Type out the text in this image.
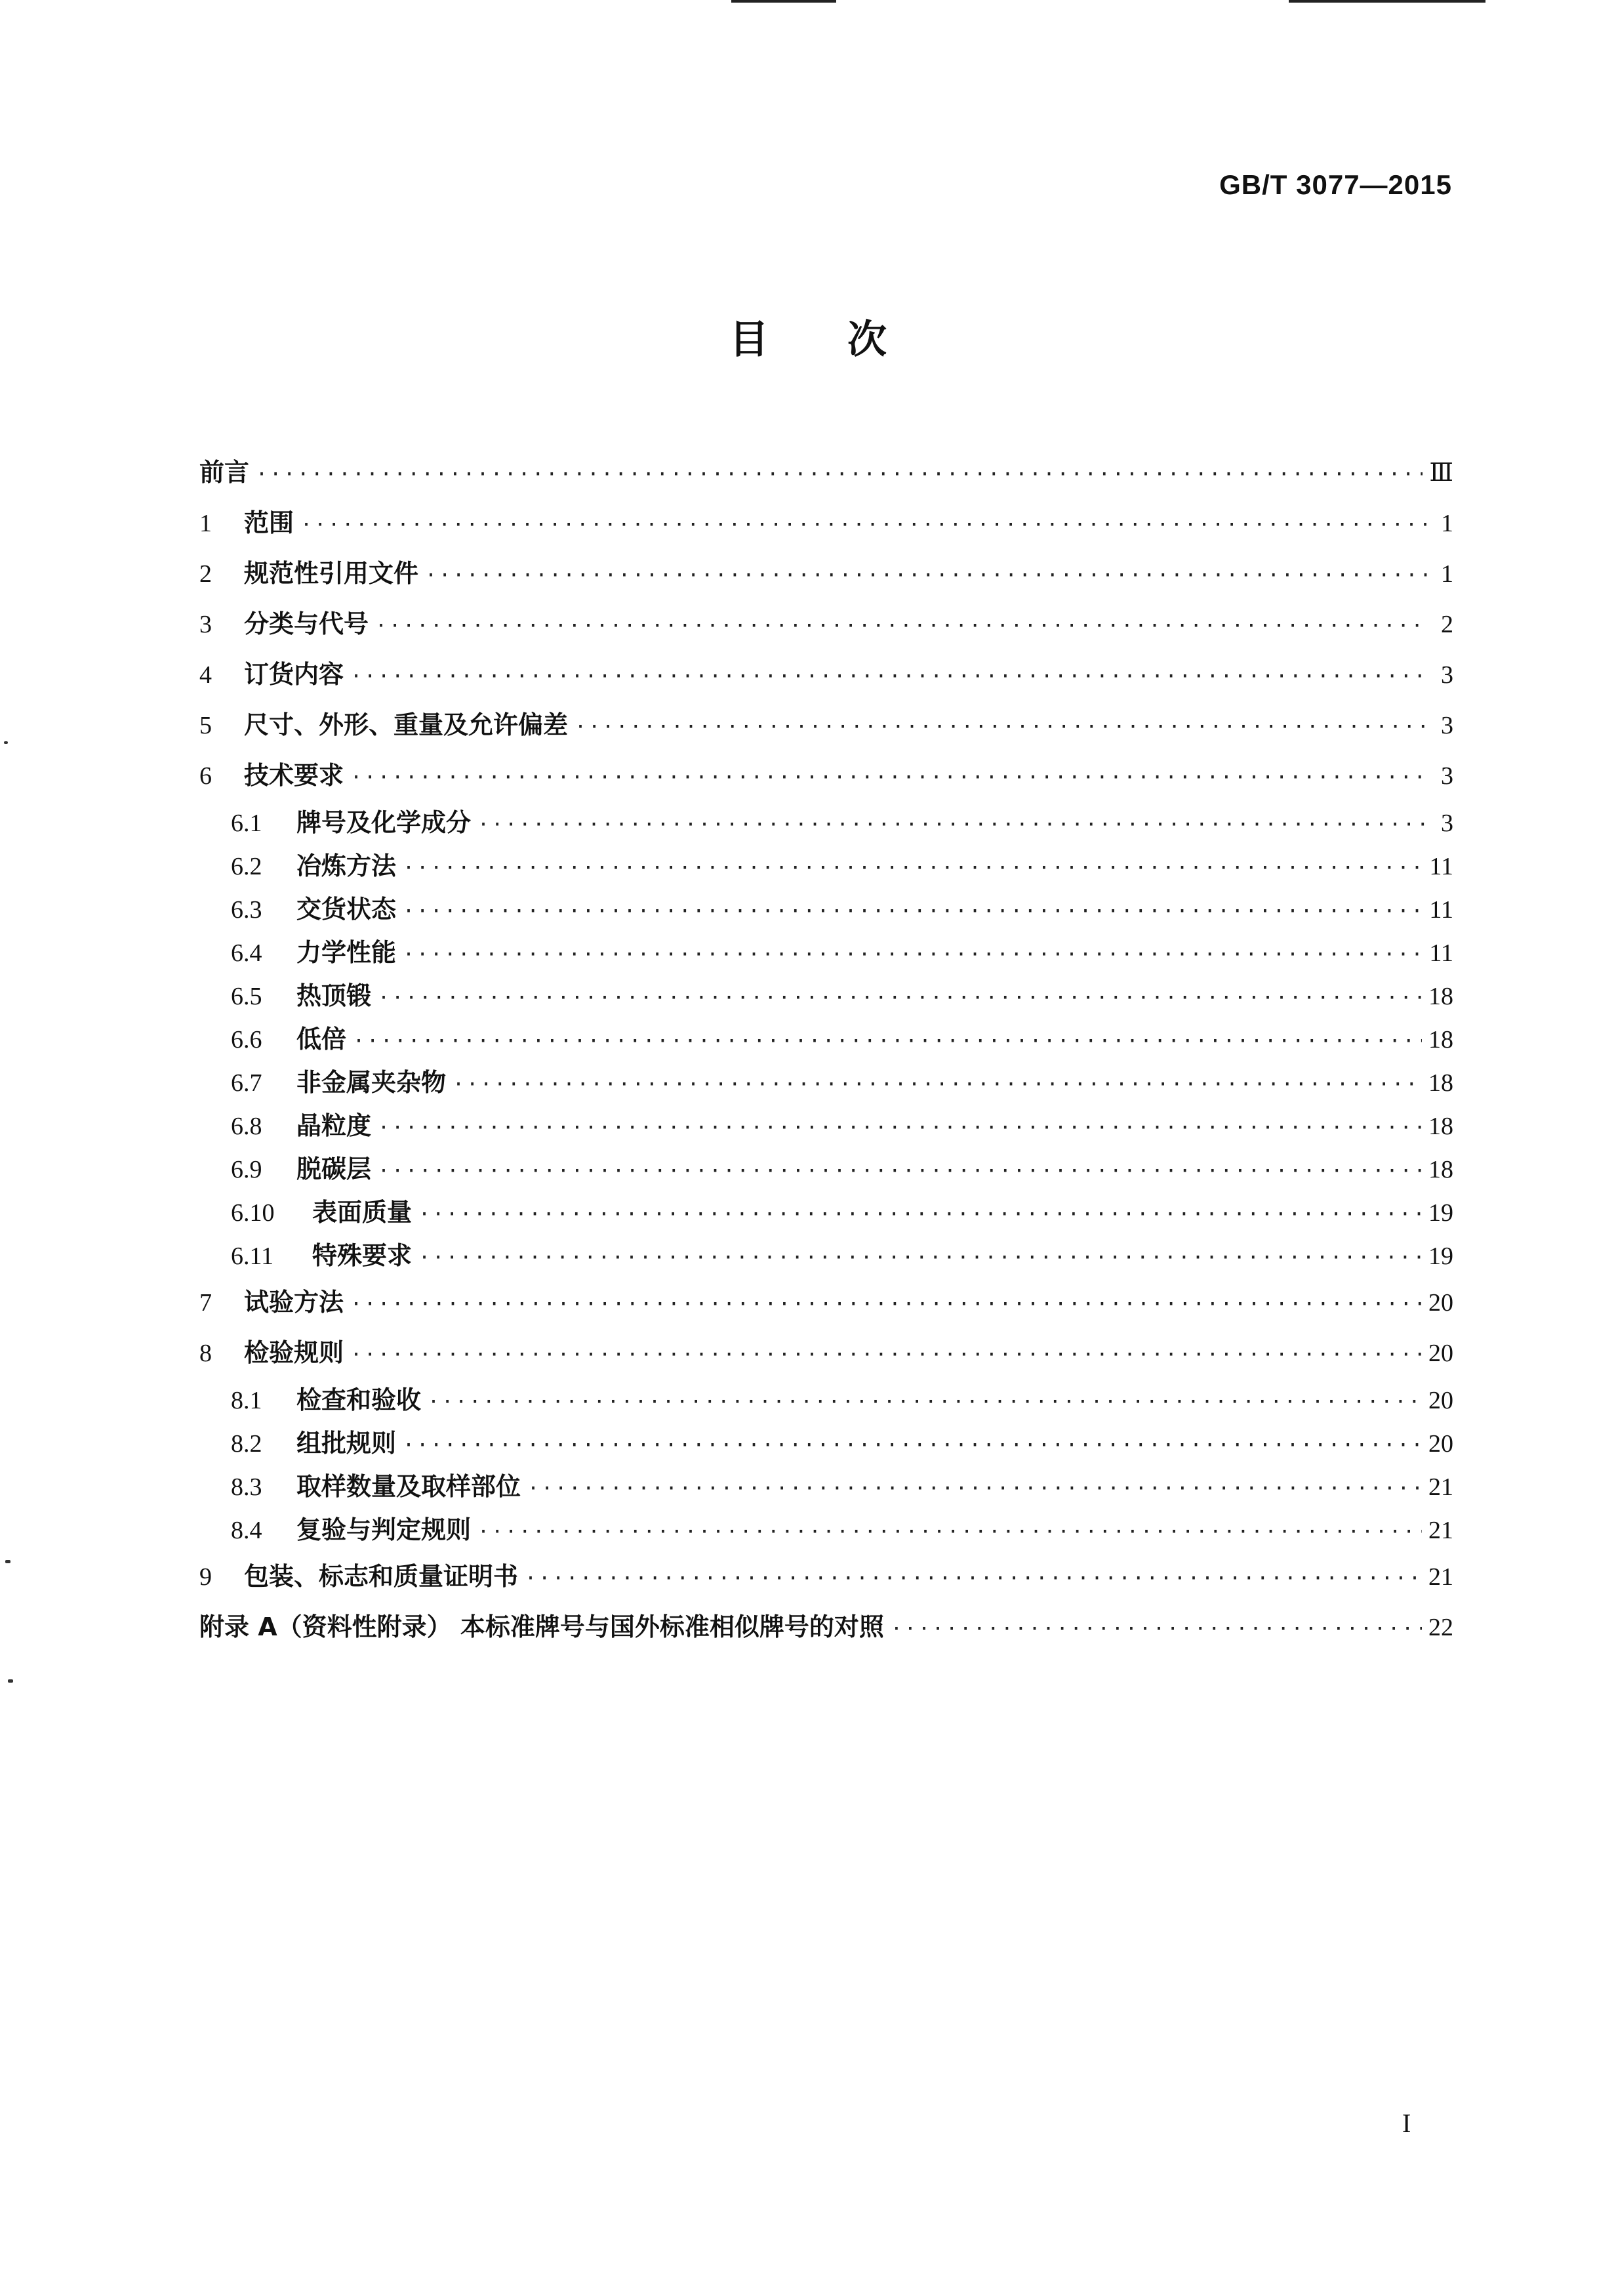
GB/T 3077—2015
目次
前言 ·····	Ⅲ
1	范围 ·····	1
2	规范性引用文件 ·····	1
3	分类与代号 ·····	2
4	订货内容 ·····	3
5	尺寸、外形、重量及允许偏差 ·····	3
6	技术要求 ·····	3
6.1	牌号及化学成分 ·····	3
6.2	冶炼方法 ·····	11
6.3	交货状态 ·····	11
6.4	力学性能 ·····	11
6.5	热顶锻 ·····	18
6.6	低倍 ·····	18
6.7	非金属夹杂物 ·····	18
6.8	晶粒度 ·····	18
6.9	脱碳层 ·····	18
6.10	表面质量 ·····	19
6.11	特殊要求 ·····	19
7	试验方法 ·····	20
8	检验规则 ·····	20
8.1	检查和验收 ·····	20
8.2	组批规则 ·····	20
8.3	取样数量及取样部位 ·····	21
8.4	复验与判定规则 ·····	21
9	包装、标志和质量证明书 ·····	21
附录 A（资料性附录） 本标准牌号与国外标准相似牌号的对照 ·····	22
I
